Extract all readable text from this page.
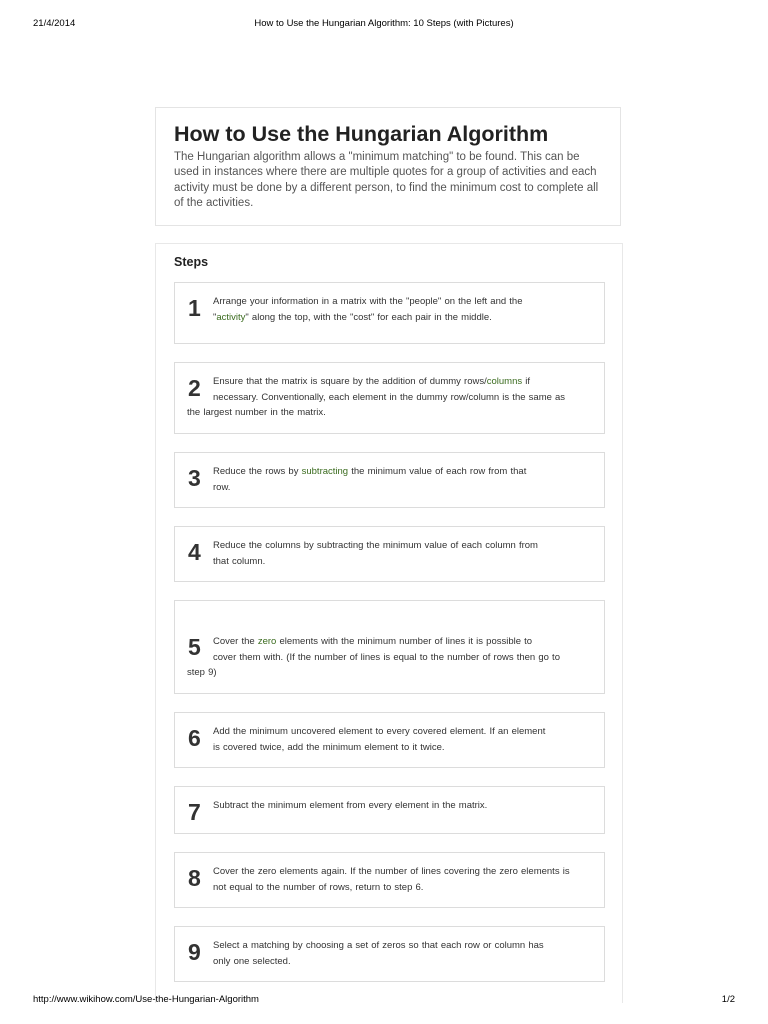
21/4/2014	How to Use the Hungarian Algorithm: 10 Steps (with Pictures)
How to Use the Hungarian Algorithm

The Hungarian algorithm allows a "minimum matching" to be found. This can be used in instances where there are multiple quotes for a group of activities and each activity must be done by a different person, to find the minimum cost to complete all of the activities.

Steps
1 Arrange your information in a matrix with the "people" on the left and the
"activity" along the top, with the "cost" for each pair in the middle.
2 Ensure that the matrix is square by the addition of dummy rows/columns if
necessary. Conventionally, each element in the dummy row/column is the same as
the largest number in the matrix.
3 Reduce the rows by subtracting the minimum value of each row from that
row.
4 Reduce the columns by subtracting the minimum value of each column from
that column.
5 Cover the zero elements with the minimum number of lines it is possible to
cover them with. (If the number of lines is equal to the number of rows then go to
step 9)
6 Add the minimum uncovered element to every covered element. If an element
is covered twice, add the minimum element to it twice.
7 Subtract the minimum element from every element in the matrix.
8 Cover the zero elements again. If the number of lines covering the zero elements is
not equal to the number of rows, return to step 6.
9 Select a matching by choosing a set of zeros so that each row or column has
only one selected.
http://www.wikihow.com/Use-the-Hungarian-Algorithm	1/2
